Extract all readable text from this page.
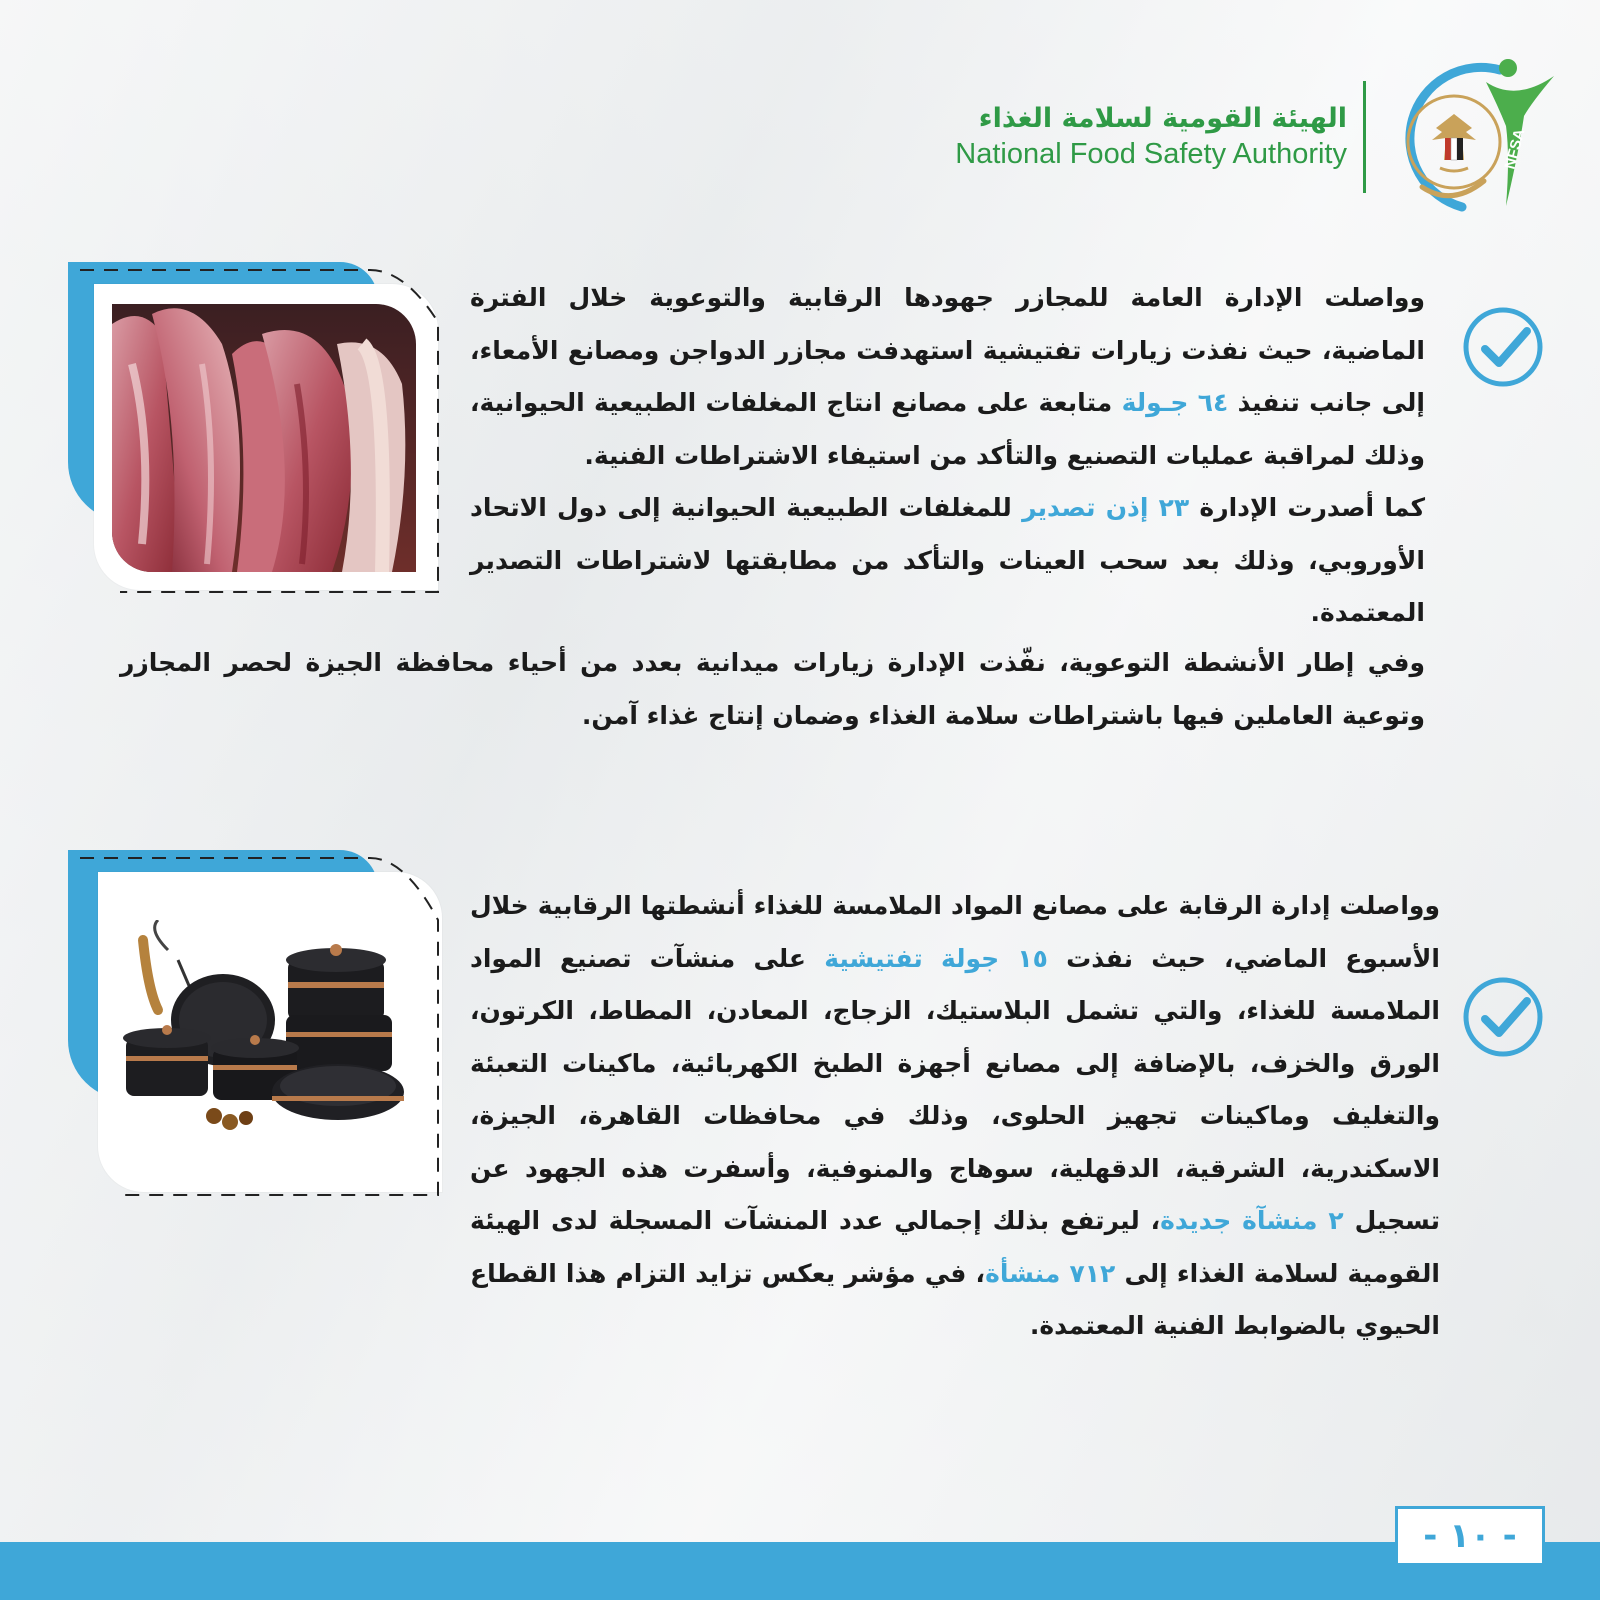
الهيئة القومية لسلامة الغذاء
National Food Safety Authority	NFSA

وواصلت الإدارة العامة للمجازر جهودها الرقابية والتوعوية خلال الفترة الماضية، حيث نفذت زيارات تفتيشية استهدفت مجازر الدواجن ومصانع الأمعاء، إلى جانب تنفيذ ٦٤ جـولة متابعة على مصانع انتاج المغلفات الطبيعية الحيوانية، وذلك لمراقبة عمليات التصنيع والتأكد من استيفاء الاشتراطات الفنية.

كما أصدرت الإدارة ٢٣ إذن تصدير للمغلفات الطبيعية الحيوانية إلى دول الاتحاد الأوروبي، وذلك بعد سحب العينات والتأكد من مطابقتها لاشتراطات التصدير المعتمدة.

وفي إطار الأنشطة التوعوية، نفّذت الإدارة زيارات ميدانية بعدد من أحياء محافظة الجيزة لحصر المجازر وتوعية العاملين فيها باشتراطات سلامة الغذاء وضمان إنتاج غذاء آمن.

وواصلت إدارة الرقابة على مصانع المواد الملامسة للغذاء أنشطتها الرقابية خلال الأسبوع الماضي، حيث نفذت ١٥ جولة تفتيشية على منشآت تصنيع المواد الملامسة للغذاء، والتي تشمل البلاستيك، الزجاج، المعادن، المطاط، الكرتون، الورق والخزف، بالإضافة إلى مصانع أجهزة الطبخ الكهربائية، ماكينات التعبئة والتغليف وماكينات تجهيز الحلوى، وذلك في محافظات القاهرة، الجيزة، الاسكندرية، الشرقية، الدقهلية، سوهاج والمنوفية، وأسفرت هذه الجهود عن تسجيل ٢ منشآة جديدة، ليرتفع بذلك إجمالي عدد المنشآت المسجلة لدى الهيئة القومية لسلامة الغذاء إلى ٧١٢ منشأة، في مؤشر يعكس تزايد التزام هذا القطاع الحيوي بالضوابط الفنية المعتمدة.

- ١٠ -
